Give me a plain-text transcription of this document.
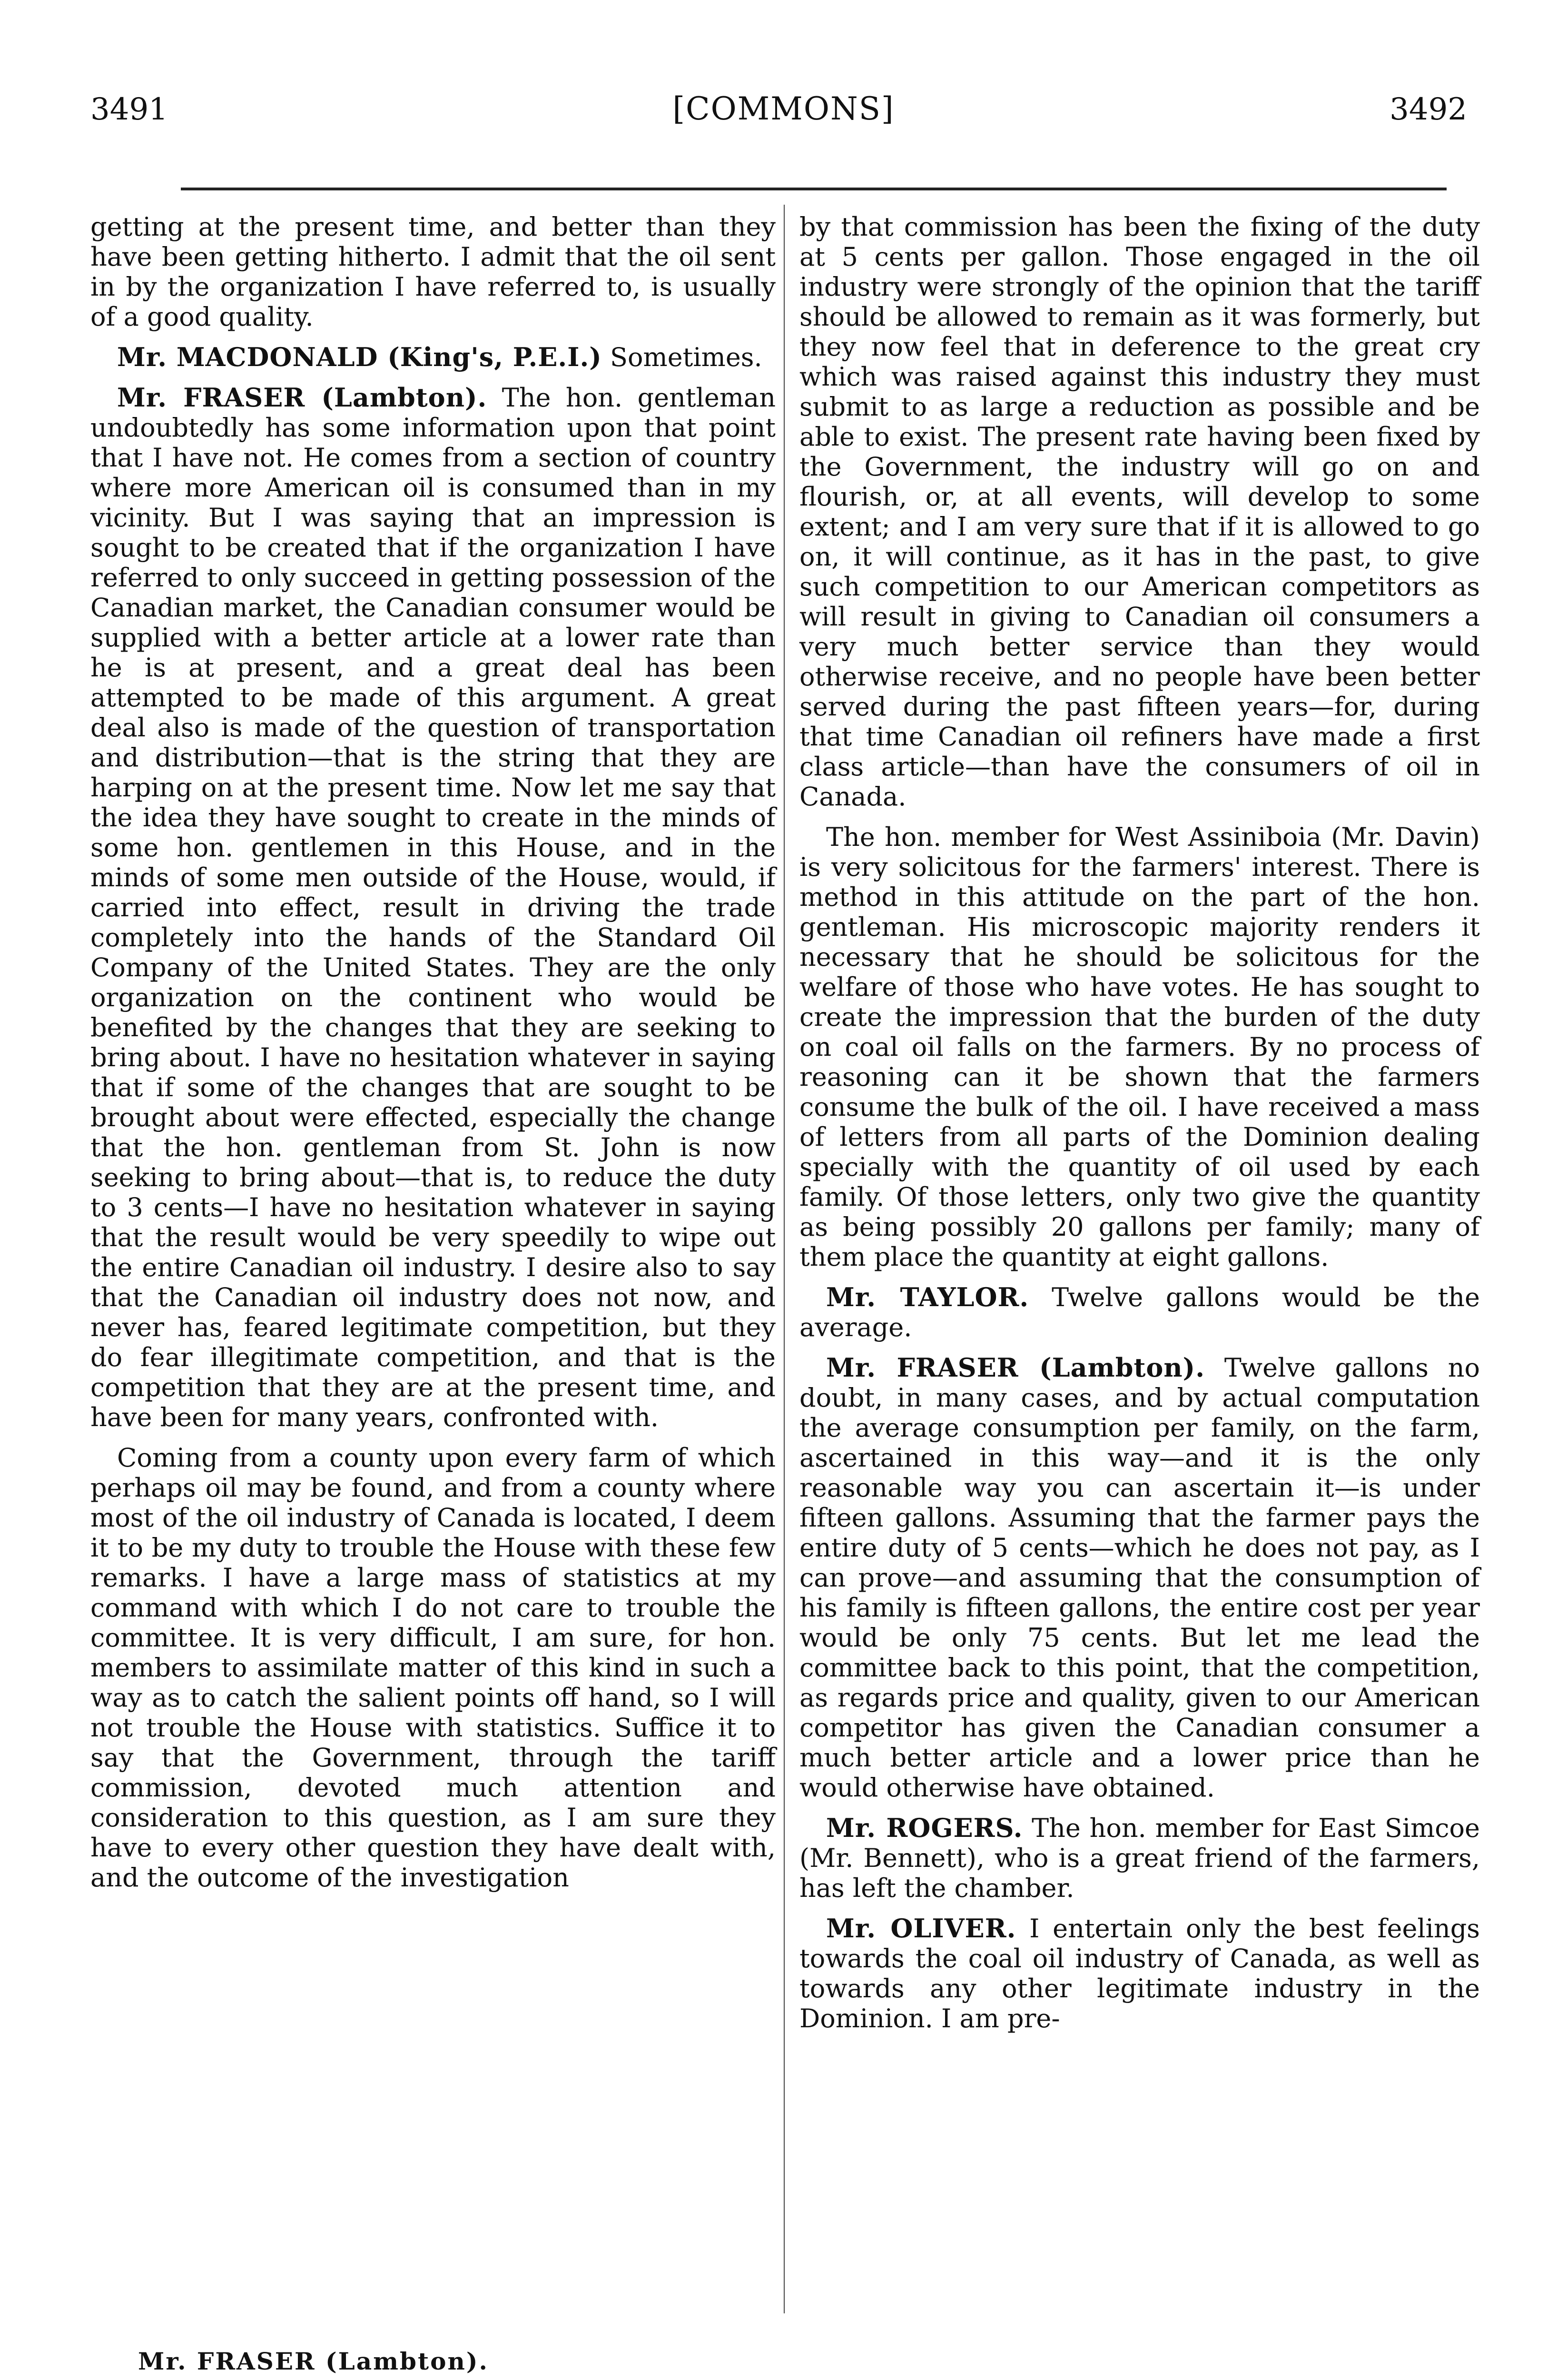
3491	[COMMONS]	3492

getting at the present time, and better than they have been getting hitherto. I admit that the oil sent in by the organization I have referred to, is usually of a good quality.

Mr. MACDONALD (King's, P.E.I.) Sometimes.

Mr. FRASER (Lambton). The hon. gentleman undoubtedly has some information upon that point that I have not. He comes from a section of country where more American oil is consumed than in my vicinity. But I was saying that an impression is sought to be created that if the organization I have referred to only succeed in getting possession of the Canadian market, the Canadian consumer would be supplied with a better article at a lower rate than he is at present, and a great deal has been attempted to be made of this argument. A great deal also is made of the question of transportation and distribution—that is the string that they are harping on at the present time. Now let me say that the idea they have sought to create in the minds of some hon. gentlemen in this House, and in the minds of some men outside of the House, would, if carried into effect, result in driving the trade completely into the hands of the Standard Oil Company of the United States. They are the only organization on the continent who would be benefited by the changes that they are seeking to bring about. I have no hesitation whatever in saying that if some of the changes that are sought to be brought about were effected, especially the change that the hon. gentleman from St. John is now seeking to bring about—that is, to reduce the duty to 3 cents—I have no hesitation whatever in saying that the result would be very speedily to wipe out the entire Canadian oil industry. I desire also to say that the Canadian oil industry does not now, and never has, feared legitimate competition, but they do fear illegitimate competition, and that is the competition that they are at the present time, and have been for many years, confronted with.

Coming from a county upon every farm of which perhaps oil may be found, and from a county where most of the oil industry of Canada is located, I deem it to be my duty to trouble the House with these few remarks. I have a large mass of statistics at my command with which I do not care to trouble the committee. It is very difficult, I am sure, for hon. members to assimilate matter of this kind in such a way as to catch the salient points off hand, so I will not trouble the House with statistics. Suffice it to say that the Government, through the tariff commission, devoted much attention and consideration to this question, as I am sure they have to every other question they have dealt with, and the outcome of the investigation

by that commission has been the fixing of the duty at 5 cents per gallon. Those engaged in the oil industry were strongly of the opinion that the tariff should be allowed to remain as it was formerly, but they now feel that in deference to the great cry which was raised against this industry they must submit to as large a reduction as possible and be able to exist. The present rate having been fixed by the Government, the industry will go on and flourish, or, at all events, will develop to some extent; and I am very sure that if it is allowed to go on, it will continue, as it has in the past, to give such competition to our American competitors as will result in giving to Canadian oil consumers a very much better service than they would otherwise receive, and no people have been better served during the past fifteen years—for, during that time Canadian oil refiners have made a first class article—than have the consumers of oil in Canada.

The hon. member for West Assiniboia (Mr. Davin) is very solicitous for the farmers' interest. There is method in this attitude on the part of the hon. gentleman. His microscopic majority renders it necessary that he should be solicitous for the welfare of those who have votes. He has sought to create the impression that the burden of the duty on coal oil falls on the farmers. By no process of reasoning can it be shown that the farmers consume the bulk of the oil. I have received a mass of letters from all parts of the Dominion dealing specially with the quantity of oil used by each family. Of those letters, only two give the quantity as being possibly 20 gallons per family; many of them place the quantity at eight gallons.

Mr. TAYLOR. Twelve gallons would be the average.

Mr. FRASER (Lambton). Twelve gallons no doubt, in many cases, and by actual computation the average consumption per family, on the farm, ascertained in this way—and it is the only reasonable way you can ascertain it—is under fifteen gallons. Assuming that the farmer pays the entire duty of 5 cents—which he does not pay, as I can prove—and assuming that the consumption of his family is fifteen gallons, the entire cost per year would be only 75 cents. But let me lead the committee back to this point, that the competition, as regards price and quality, given to our American competitor has given the Canadian consumer a much better article and a lower price than he would otherwise have obtained.

Mr. ROGERS. The hon. member for East Simcoe (Mr. Bennett), who is a great friend of the farmers, has left the chamber.

Mr. OLIVER. I entertain only the best feelings towards the coal oil industry of Canada, as well as towards any other legitimate industry in the Dominion. I am pre-

Mr. FRASER (Lambton).
